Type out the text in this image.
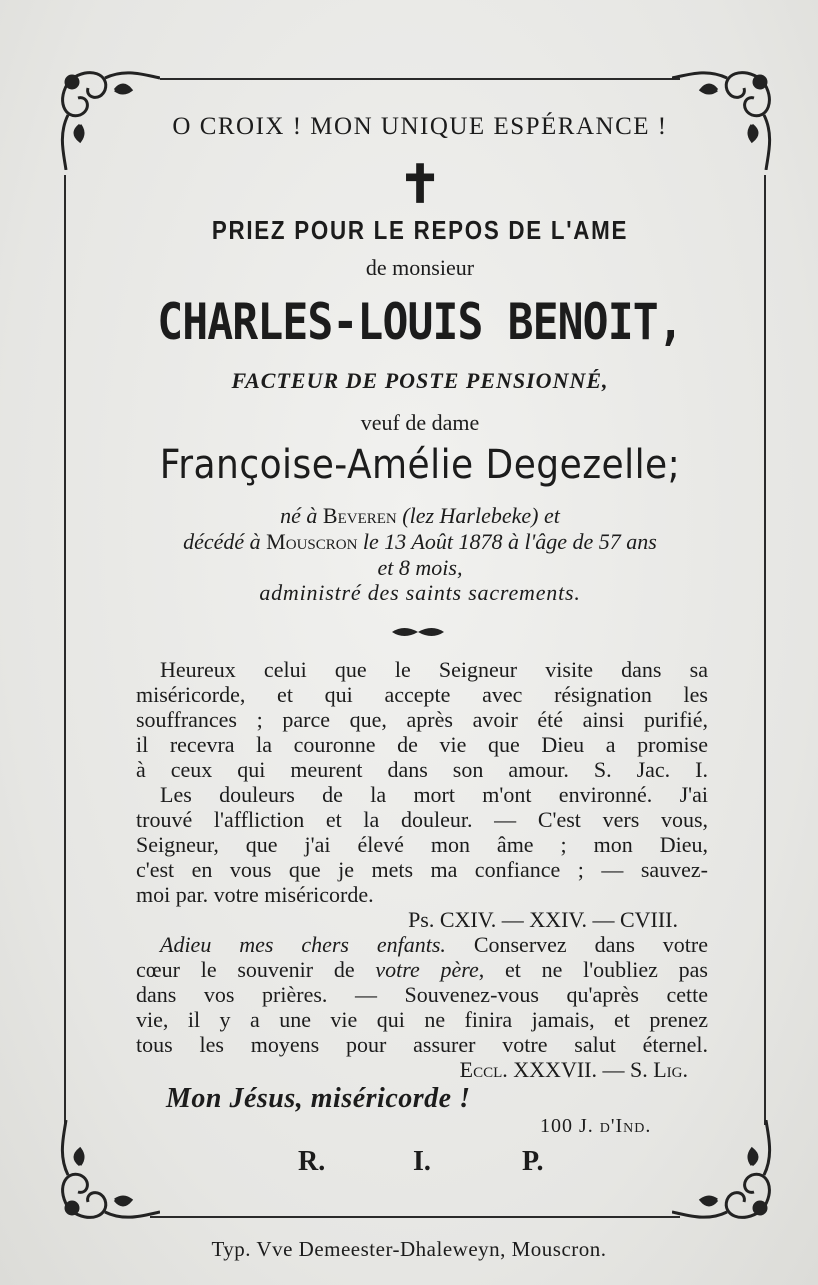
O CROIX ! MON UNIQUE ESPÉRANCE !
✝
PRIEZ POUR LE REPOS DE L'AME
de monsieur
CHARLES-LOUIS BENOIT,
FACTEUR DE POSTE PENSIONNÉ,
veuf de dame
Françoise-Amélie Degezelle;
né à Beveren (lez Harlebeke) et
décédé à Mouscron le 13 Août 1878 à l'âge de 57 ans
et 8 mois,
administré des saints sacrements.
Heureux celui que le Seigneur visite dans sa
miséricorde, et qui accepte avec résignation les
souffrances ; parce que, après avoir été ainsi purifié,
il recevra la couronne de vie que Dieu a promise
à ceux qui meurent dans son amour. S. Jac. I.
Les douleurs de la mort m'ont environné. J'ai
trouvé l'affliction et la douleur. — C'est vers vous,
Seigneur, que j'ai élevé mon âme ; mon Dieu,
c'est en vous que je mets ma confiance ; — sauvez-
moi par. votre miséricorde.
Ps. CXIV. — XXIV. — CVIII.
Adieu mes chers enfants. Conservez dans votre
cœur le souvenir de votre père, et ne l'oubliez pas
dans vos prières. — Souvenez-vous qu'après cette
vie, il y a une vie qui ne finira jamais, et prenez
tous les moyens pour assurer votre salut éternel.
Eccl. XXXVII. — S. Lig.
Mon Jésus, miséricorde !
100 J. d'Ind.
R.	I.	P.
Typ. Vve Demeester-Dhaleweyn, Mouscron.
